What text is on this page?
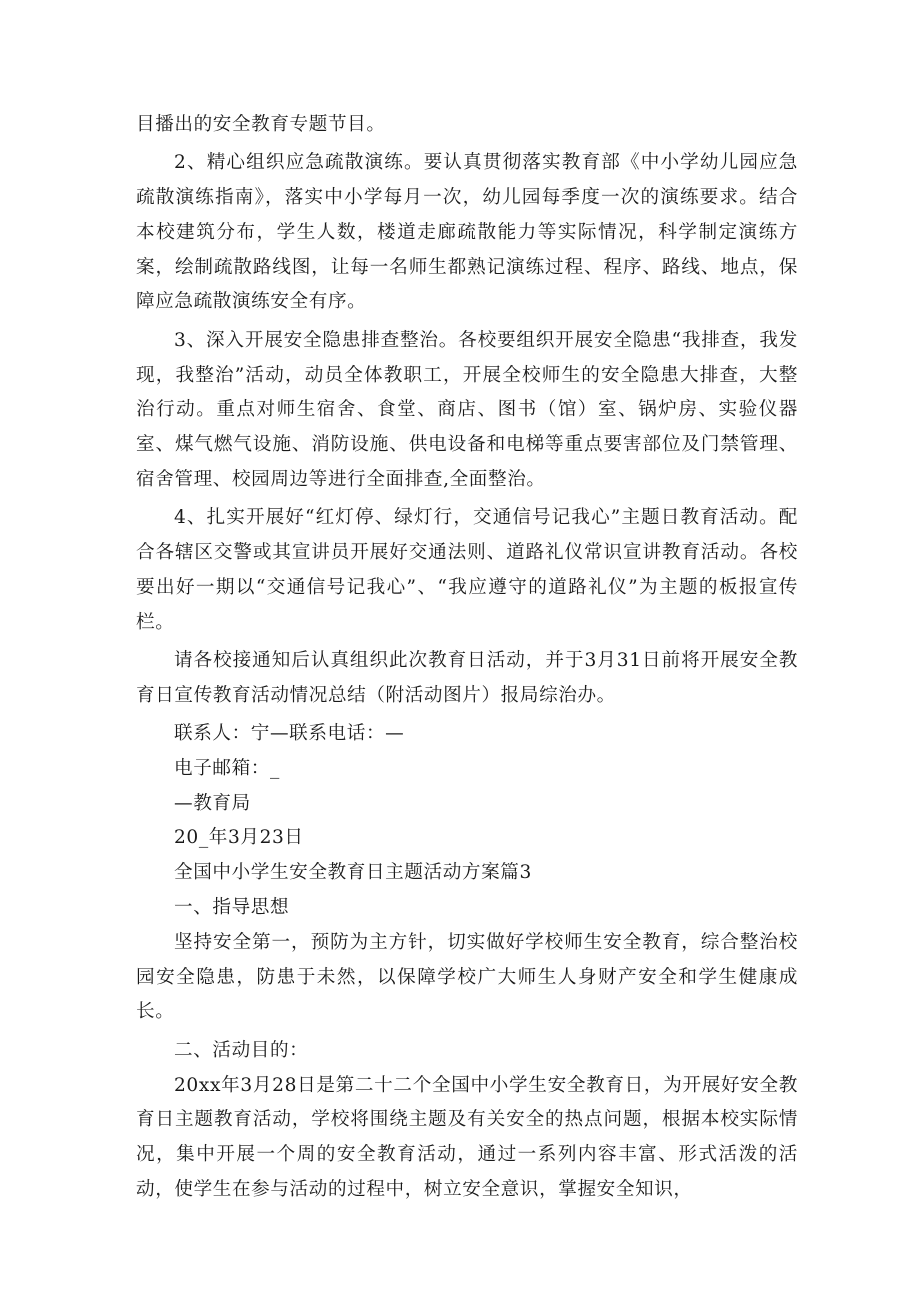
目播出的安全教育专题节目。

2、精心组织应急疏散演练。要认真贯彻落实教育部《中小学幼儿园应急疏散演练指南》，落实中小学每月一次，幼儿园每季度一次的演练要求。结合本校建筑分布，学生人数，楼道走廊疏散能力等实际情况，科学制定演练方案，绘制疏散路线图，让每一名师生都熟记演练过程、程序、路线、地点，保障应急疏散演练安全有序。

3、深入开展安全隐患排查整治。各校要组织开展安全隐患“我排查，我发现，我整治”活动，动员全体教职工，开展全校师生的安全隐患大排查，大整治行动。重点对师生宿舍、食堂、商店、图书（馆）室、锅炉房、实验仪器室、煤气燃气设施、消防设施、供电设备和电梯等重点要害部位及门禁管理、宿舍管理、校园周边等进行全面排查,全面整治。

4、扎实开展好“红灯停、绿灯行，交通信号记我心”主题日教育活动。配合各辖区交警或其宣讲员开展好交通法则、道路礼仪常识宣讲教育活动。各校要出好一期以“交通信号记我心”、“我应遵守的道路礼仪”为主题的板报宣传栏。

请各校接通知后认真组织此次教育日活动，并于3月31日前将开展安全教育日宣传教育活动情况总结（附活动图片）报局综治办。

联系人：宁—联系电话：—

电子邮箱：_

—教育局

20_年3月23日

全国中小学生安全教育日主题活动方案篇3

一、指导思想

坚持安全第一，预防为主方针，切实做好学校师生安全教育，综合整治校园安全隐患，防患于未然，以保障学校广大师生人身财产安全和学生健康成长。

二、活动目的：

20xx年3月28日是第二十二个全国中小学生安全教育日，为开展好安全教育日主题教育活动，学校将围绕主题及有关安全的热点问题，根据本校实际情况，集中开展一个周的安全教育活动，通过一系列内容丰富、形式活泼的活动，使学生在参与活动的过程中，树立安全意识，掌握安全知识，
